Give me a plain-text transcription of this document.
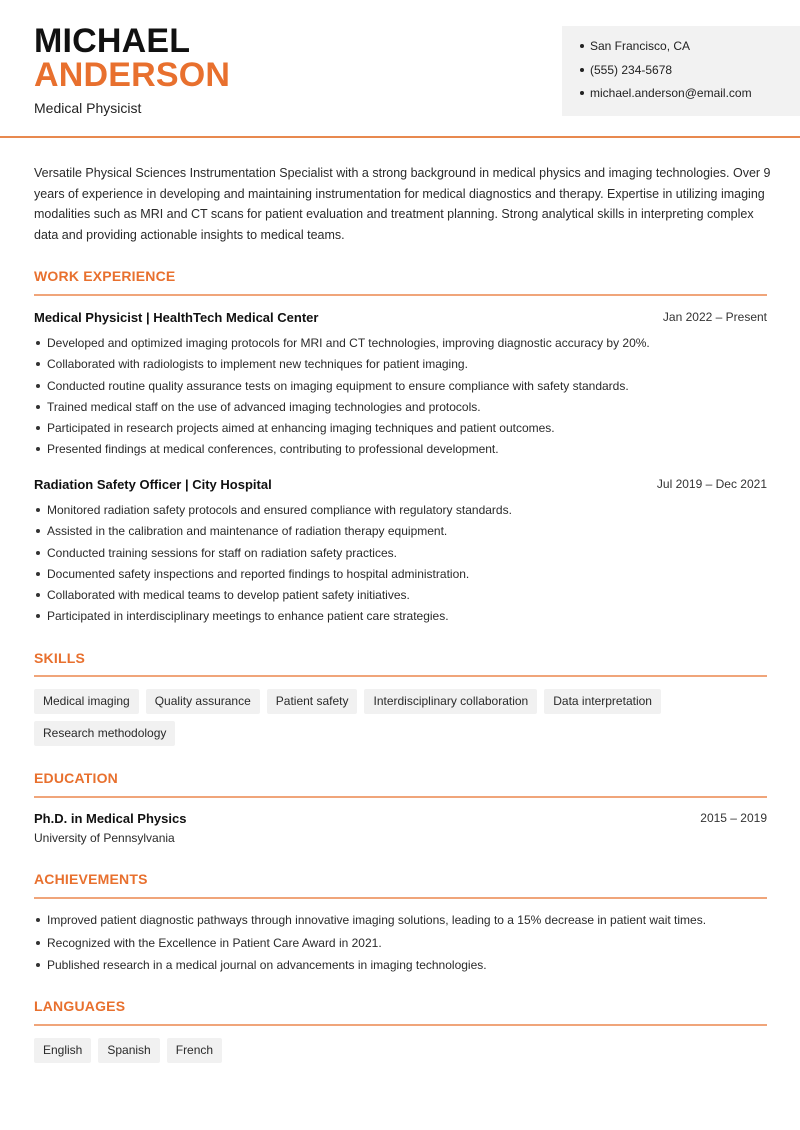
MICHAEL
ANDERSON
Medical Physicist
San Francisco, CA
(555) 234-5678
michael.anderson@email.com

Versatile Physical Sciences Instrumentation Specialist with a strong background in medical physics and imaging technologies. Over 9 years of experience in developing and maintaining instrumentation for medical diagnostics and therapy. Expertise in utilizing imaging modalities such as MRI and CT scans for patient evaluation and treatment planning. Strong analytical skills in interpreting complex data and providing actionable insights to medical teams.

WORK EXPERIENCE
Medical Physicist | HealthTech Medical Center	Jan 2022 – Present
Developed and optimized imaging protocols for MRI and CT technologies, improving diagnostic accuracy by 20%.
Collaborated with radiologists to implement new techniques for patient imaging.
Conducted routine quality assurance tests on imaging equipment to ensure compliance with safety standards.
Trained medical staff on the use of advanced imaging technologies and protocols.
Participated in research projects aimed at enhancing imaging techniques and patient outcomes.
Presented findings at medical conferences, contributing to professional development.
Radiation Safety Officer | City Hospital	Jul 2019 – Dec 2021
Monitored radiation safety protocols and ensured compliance with regulatory standards.
Assisted in the calibration and maintenance of radiation therapy equipment.
Conducted training sessions for staff on radiation safety practices.
Documented safety inspections and reported findings to hospital administration.
Collaborated with medical teams to develop patient safety initiatives.
Participated in interdisciplinary meetings to enhance patient care strategies.
SKILLS
Medical imaging	Quality assurance	Patient safety	Interdisciplinary collaboration	Data interpretation
Research methodology
EDUCATION
Ph.D. in Medical Physics	2015 – 2019
University of Pennsylvania
ACHIEVEMENTS
Improved patient diagnostic pathways through innovative imaging solutions, leading to a 15% decrease in patient wait times.
Recognized with the Excellence in Patient Care Award in 2021.
Published research in a medical journal on advancements in imaging technologies.
LANGUAGES
English	Spanish	French
